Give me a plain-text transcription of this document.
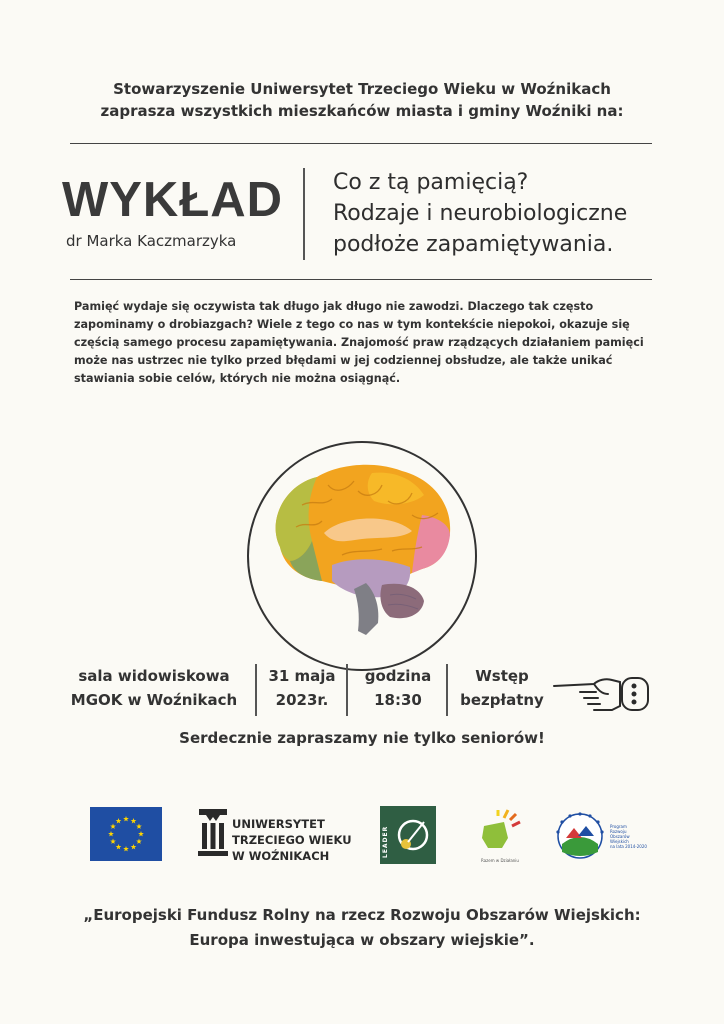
Stowarzyszenie Uniwersytet Trzeciego Wieku w Woźnikach
zaprasza wszystkich mieszkańców miasta i gminy Woźniki na:
WYKŁAD
dr Marka Kaczmarzyka
Co z tą pamięcią?
Rodzaje i neurobiologiczne
podłoże zapamiętywania.
Pamięć wydaje się oczywista tak długo jak długo nie zawodzi. Dlaczego tak często zapominamy o drobiazgach? Wiele z tego co nas w tym kontekście niepokoi, okazuje się częścią samego procesu zapamiętywania. Znajomość praw rządzących działaniem pamięci może nas ustrzec nie tylko przed błędami w jej codziennej obsłudze, ale także unikać stawiania sobie celów, których nie można osiągnąć.
sala widowiskowa
MGOK w Woźnikach
31 maja
2023r.
godzina
18:30
Wstęp
bezpłatny
Serdecznie zapraszamy nie tylko seniorów!
UNIWERSYTET
TRZECIEGO WIEKU
W WOŹNIKACH	LEADER
Razem w Działaniu
Program
Rozwoju
Obszarów
Wiejskich
na lata 2014-2020
„Europejski Fundusz Rolny na rzecz Rozwoju Obszarów Wiejskich:
Europa inwestująca w obszary wiejskie”.
